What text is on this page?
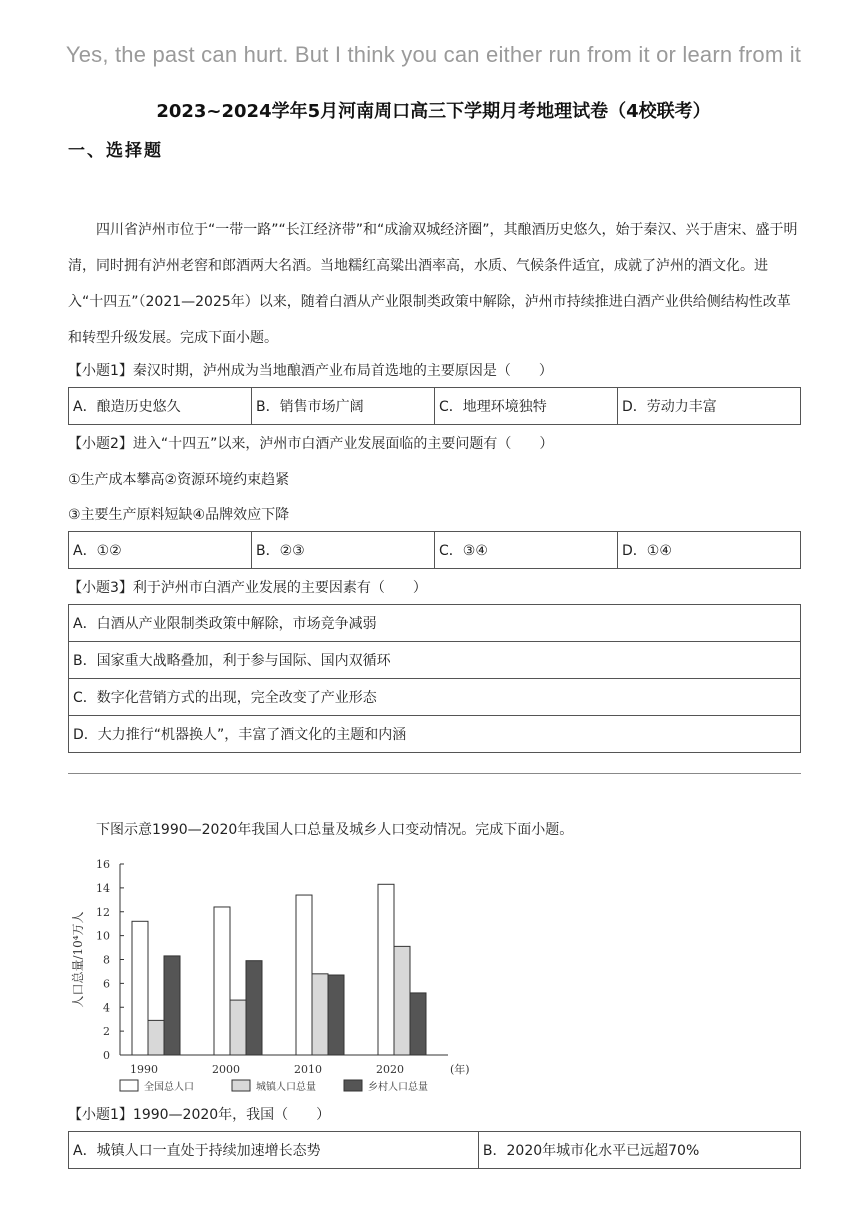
Yes, the past can hurt. But I think you can either run from it or learn from it
2023~2024学年5月河南周口高三下学期月考地理试卷（4校联考）
一、选择题
四川省泸州市位于“一带一路”“长江经济带”和“成渝双城经济圈”，其酿酒历史悠久，始于秦汉、兴于唐宋、盛于明清，同时拥有泸州老窖和郎酒两大名酒。当地糯红高粱出酒率高，水质、气候条件适宜，成就了泸州的酒文化。进入“十四五”（2021—2025年）以来，随着白酒从产业限制类政策中解除，泸州市持续推进白酒产业供给侧结构性改革和转型升级发展。完成下面小题。
【小题1】秦汉时期，泸州成为当地酿酒产业布局首选地的主要原因是（　　）
A．酿造历史悠久	B．销售市场广阔	C．地理环境独特	D．劳动力丰富
【小题2】进入“十四五”以来，泸州市白酒产业发展面临的主要问题有（　　）
①生产成本攀高②资源环境约束趋紧
③主要生产原料短缺④品牌效应下降
A．①②	B．②③	C．③④	D．①④
【小题3】利于泸州市白酒产业发展的主要因素有（　　）
A．白酒从产业限制类政策中解除，市场竞争减弱
B．国家重大战略叠加，利于参与国际、国内双循环
C．数字化营销方式的出现，完全改变了产业形态
D．大力推行“机器换人”，丰富了酒文化的主题和内涵
下图示意1990—2020年我国人口总量及城乡人口变动情况。完成下面小题。
0
2
4
6
8
10
12
14
16
人口总量/10⁴万人
1990	2000	2010	2020	(年)
全国总人口	城镇人口总量	乡村人口总量
【小题1】1990—2020年，我国（　　）
A．城镇人口一直处于持续加速增长态势	B．2020年城市化水平已远超70%
